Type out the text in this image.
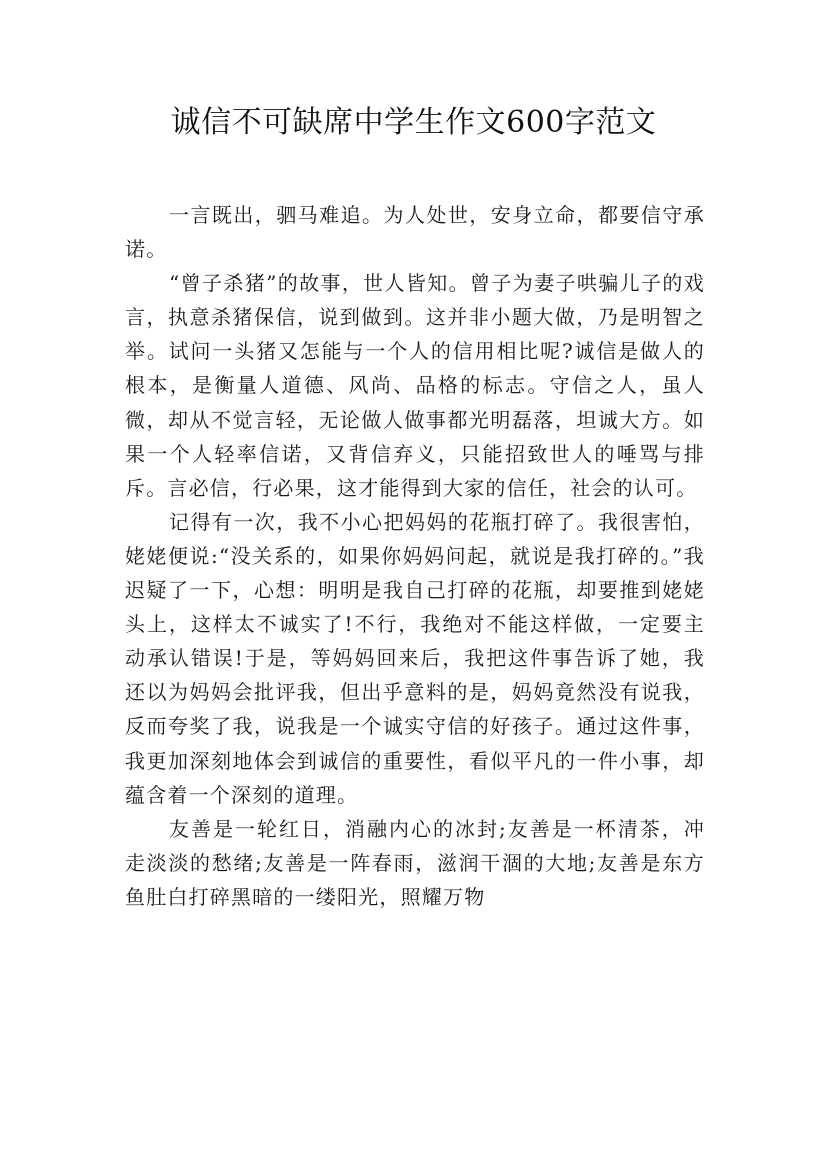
诚信不可缺席中学生作文600字范文

一言既出，驷马难追。为人处世，安身立命，都要信守承诺。

“曾子杀猪”的故事，世人皆知。曾子为妻子哄骗儿子的戏言，执意杀猪保信，说到做到。这并非小题大做，乃是明智之举。试问一头猪又怎能与一个人的信用相比呢?诚信是做人的根本，是衡量人道德、风尚、品格的标志。守信之人，虽人微，却从不觉言轻，无论做人做事都光明磊落，坦诚大方。如果一个人轻率信诺，又背信弃义，只能招致世人的唾骂与排斥。言必信，行必果，这才能得到大家的信任，社会的认可。

记得有一次，我不小心把妈妈的花瓶打碎了。我很害怕，姥姥便说:“没关系的，如果你妈妈问起，就说是我打碎的。”我迟疑了一下，心想：明明是我自己打碎的花瓶，却要推到姥姥头上，这样太不诚实了!不行，我绝对不能这样做，一定要主动承认错误!于是，等妈妈回来后，我把这件事告诉了她，我还以为妈妈会批评我，但出乎意料的是，妈妈竟然没有说我，反而夸奖了我，说我是一个诚实守信的好孩子。通过这件事，我更加深刻地体会到诚信的重要性，看似平凡的一件小事，却蕴含着一个深刻的道理。

友善是一轮红日，消融内心的冰封;友善是一杯清茶，冲走淡淡的愁绪;友善是一阵春雨，滋润干涸的大地;友善是东方鱼肚白打碎黑暗的一缕阳光，照耀万物
